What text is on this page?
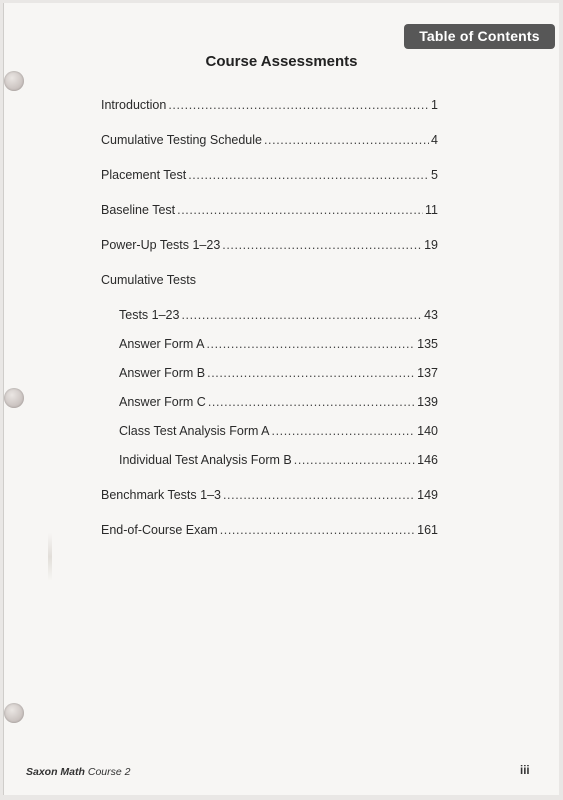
Table of Contents
Course Assessments
Introduction .....	1
Cumulative Testing Schedule .....	4
Placement Test .....	5
Baseline Test .....	11
Power-Up Tests 1–23 .....	19
Cumulative Tests
Tests 1–23 .....	43
Answer Form A .....	135
Answer Form B .....	137
Answer Form C .....	139
Class Test Analysis Form A .....	140
Individual Test Analysis Form B .....	146
Benchmark Tests 1–3 .....	149
End-of-Course Exam .....	161
Saxon Math Course 2	iii
